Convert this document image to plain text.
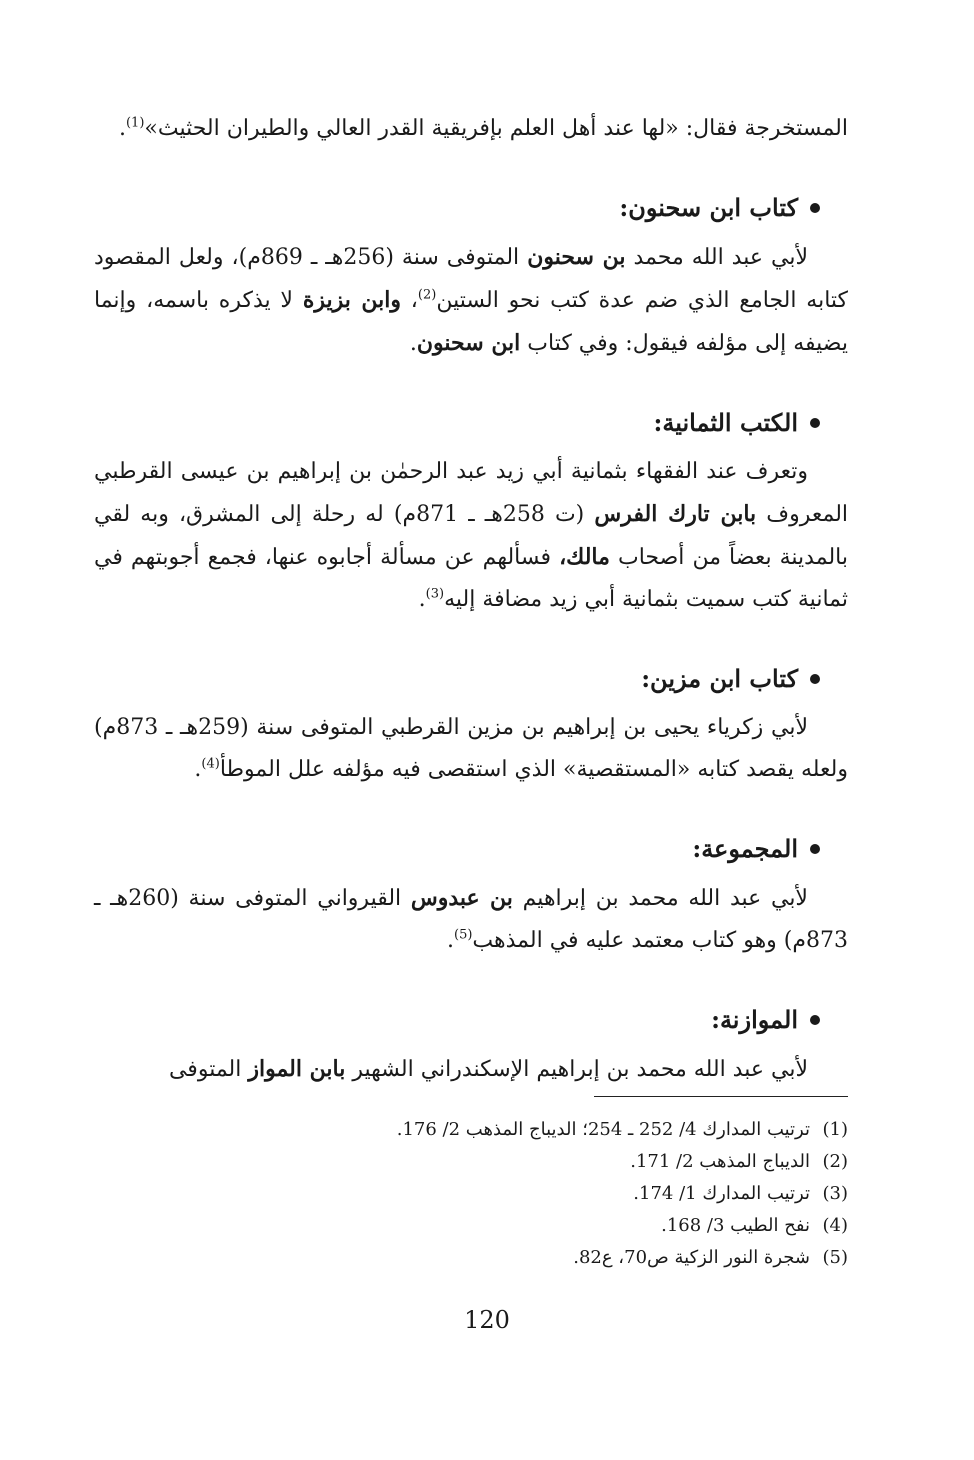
المستخرجة فقال: «لها عند أهل العلم بإفريقية القدر العالي والطيران الحثيث»$^{(1)}$.

كتاب ابن سحنون:

لأبي عبد الله محمد بن سحنون المتوفى سنة (256هـ ـ 869م)، ولعل المقصود كتابه الجامع الذي ضم عدة كتب نحو الستين$^{(2)}$، وابن بزيزة لا يذكره باسمه، وإنما يضيفه إلى مؤلفه فيقول: وفي كتاب ابن سحنون.

الكتب الثمانية:

وتعرف عند الفقهاء بثمانية أبي زيد عبد الرحمٰن بن إبراهيم بن عيسى القرطبي المعروف بابن تارك الفرس (ت 258هـ ـ 871م) له رحلة إلى المشرق، وبه لقي بالمدينة بعضاً من أصحاب مالك، فسألهم عن مسألة أجابوه عنها، فجمع أجوبتهم في ثمانية كتب سميت بثمانية أبي زيد مضافة إليه$^{(3)}$.

كتاب ابن مزين:

لأبي زكرياء يحيى بن إبراهيم بن مزين القرطبي المتوفى سنة (259هـ ـ 873م) ولعله يقصد كتابه «المستقصية» الذي استقصى فيه مؤلفه علل الموطأ$^{(4)}$.

المجموعة:

لأبي عبد الله محمد بن إبراهيم بن عبدوس القيرواني المتوفى سنة (260هـ ـ 873م) وهو كتاب معتمد عليه في المذهب$^{(5)}$.

الموازنة:

لأبي عبد الله محمد بن إبراهيم الإسكندراني الشهير بابن المواز المتوفى

(1)
ترتيب المدارك 4/ 252 ـ 254؛ الديباج المذهب 2/ 176.
(2)
الديباج المذهب 2/ 171.
(3)
ترتيب المدارك 1/ 174.
(4)
نفح الطيب 3/ 168.
(5)
شجرة النور الزكية ص70، ع82.
120
